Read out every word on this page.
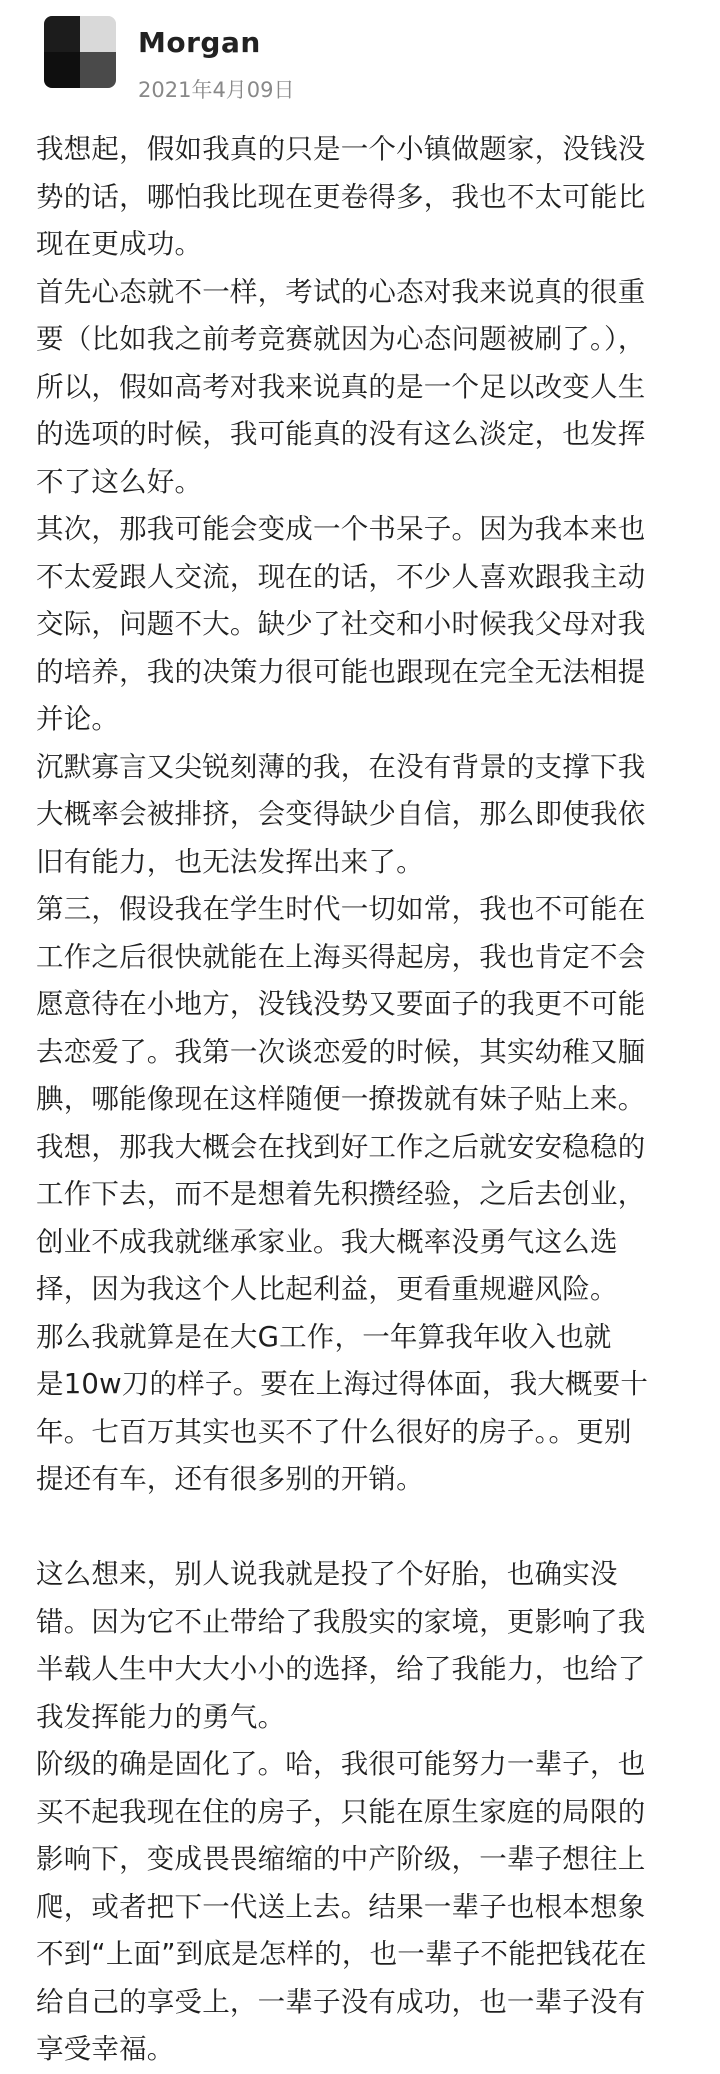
Morgan
2021年4月09日
我想起，假如我真的只是一个小镇做题家，没钱没
势的话，哪怕我比现在更卷得多，我也不太可能比
现在更成功。
首先心态就不一样，考试的心态对我来说真的很重
要（比如我之前考竞赛就因为心态问题被刷了。），
所以，假如高考对我来说真的是一个足以改变人生
的选项的时候，我可能真的没有这么淡定，也发挥
不了这么好。
其次，那我可能会变成一个书呆子。因为我本来也
不太爱跟人交流，现在的话，不少人喜欢跟我主动
交际，问题不大。缺少了社交和小时候我父母对我
的培养，我的决策力很可能也跟现在完全无法相提
并论。
沉默寡言又尖锐刻薄的我，在没有背景的支撑下我
大概率会被排挤，会变得缺少自信，那么即使我依
旧有能力，也无法发挥出来了。
第三，假设我在学生时代一切如常，我也不可能在
工作之后很快就能在上海买得起房，我也肯定不会
愿意待在小地方，没钱没势又要面子的我更不可能
去恋爱了。我第一次谈恋爱的时候，其实幼稚又腼
腆，哪能像现在这样随便一撩拨就有妹子贴上来。
我想，那我大概会在找到好工作之后就安安稳稳的
工作下去，而不是想着先积攒经验，之后去创业，
创业不成我就继承家业。我大概率没勇气这么选
择，因为我这个人比起利益，更看重规避风险。
那么我就算是在大G工作，一年算我年收入也就
是10w刀的样子。要在上海过得体面，我大概要十
年。七百万其实也买不了什么很好的房子。。更别
提还有车，还有很多别的开销。
这么想来，别人说我就是投了个好胎，也确实没
错。因为它不止带给了我殷实的家境，更影响了我
半载人生中大大小小的选择，给了我能力，也给了
我发挥能力的勇气。
阶级的确是固化了。哈，我很可能努力一辈子，也
买不起我现在住的房子，只能在原生家庭的局限的
影响下，变成畏畏缩缩的中产阶级，一辈子想往上
爬，或者把下一代送上去。结果一辈子也根本想象
不到“上面”到底是怎样的，也一辈子不能把钱花在
给自己的享受上，一辈子没有成功，也一辈子没有
享受幸福。
